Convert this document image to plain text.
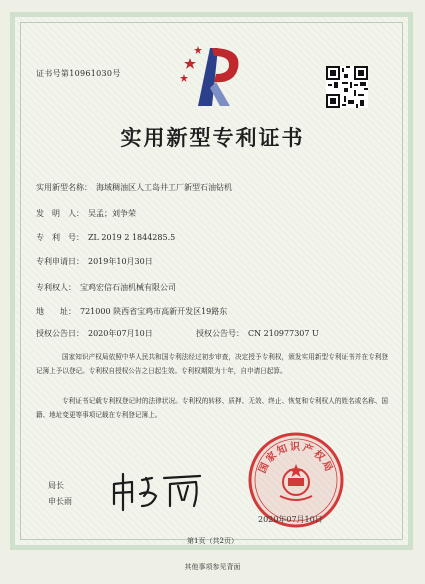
证书号第10961030号
实用新型专利证书
实用新型名称： 海域稠油区人工岛井工厂新型石油钻机
发　明　人： 吴孟；刘争荣
专　利　号： ZL 2019 2 1844285.5
专利申请日： 2019年10月30日
专利权人： 宝鸡宏信石油机械有限公司
地　　址： 721000 陕西省宝鸡市高新开发区19路东
授权公告日： 2020年07月10日	授权公告号： CN 210977307 U
国家知识产权局依照中华人民共和国专利法经过初步审查，决定授予专利权，颁发实用新型专利证书并在专利登记簿上予以登记。专利权自授权公告之日起生效。专利权期限为十年，自申请日起算。
专利证书记载专利权登记时的法律状况。专利权的转移、质押、无效、终止、恢复和专利权人的姓名或名称、国籍、地址变更等事项记载在专利登记簿上。
局长
申长雨
国家知识产权局
2020年07月10日
第1页（共2页）
其他事项参见背面
